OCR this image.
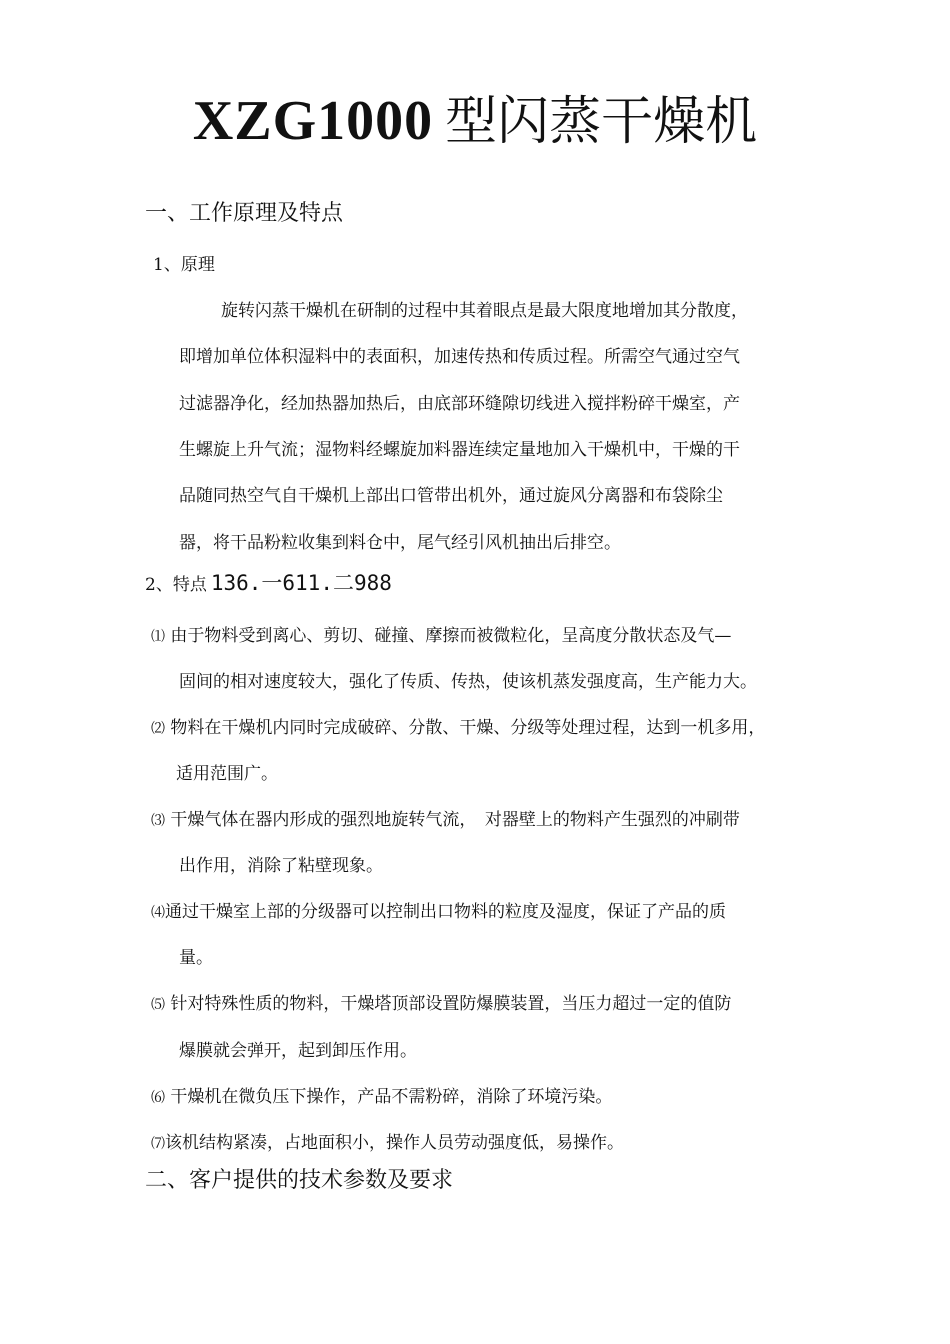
XZG1000 型闪蒸干燥机
一、工作原理及特点
1、原理
旋转闪蒸干燥机在研制的过程中其着眼点是最大限度地增加其分散度，
即增加单位体积湿料中的表面积，加速传热和传质过程。所需空气通过空气
过滤器净化，经加热器加热后，由底部环缝隙切线进入搅拌粉碎干燥室，产
生螺旋上升气流；湿物料经螺旋加料器连续定量地加入干燥机中，干燥的干
品随同热空气自干燥机上部出口管带出机外，通过旋风分离器和布袋除尘
器，将干品粉粒收集到料仓中，尾气经引风机抽出后排空。
2、特点 136.一611.二988
⑴ 由于物料受到离心、剪切、碰撞、摩擦而被微粒化，呈高度分散状态及气—
固间的相对速度较大，强化了传质、传热，使该机蒸发强度高，生产能力大。
⑵ 物料在干燥机内同时完成破碎、分散、干燥、分级等处理过程，达到一机多用，
适用范围广。
⑶ 干燥气体在器内形成的强烈地旋转气流，　对器壁上的物料产生强烈的冲刷带
出作用，消除了粘壁现象。
⑷通过干燥室上部的分级器可以控制出口物料的粒度及湿度，保证了产品的质
量。
⑸ 针对特殊性质的物料，干燥塔顶部设置防爆膜装置，当压力超过一定的值防
爆膜就会弹开，起到卸压作用。
⑹ 干燥机在微负压下操作，产品不需粉碎，消除了环境污染。
⑺该机结构紧凑，占地面积小，操作人员劳动强度低，易操作。
二、客户提供的技术参数及要求
